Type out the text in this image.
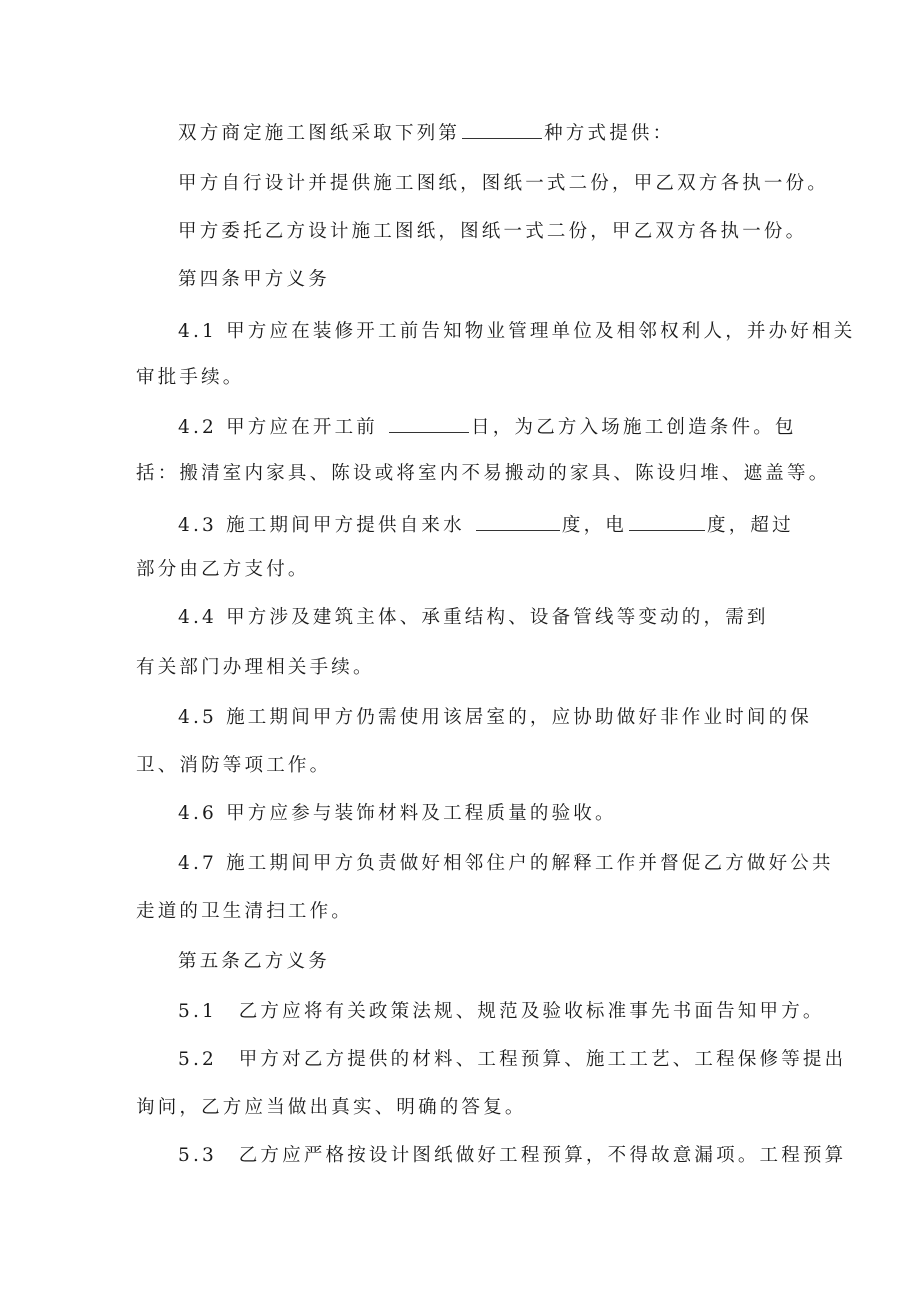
双方商定施工图纸采取下列第	种方式提供：
甲方自行设计并提供施工图纸，图纸一式二份，甲乙双方各执一份。
甲方委托乙方设计施工图纸，图纸一式二份，甲乙双方各执一份。
第四条甲方义务
4.1 甲方应在装修开工前告知物业管理单位及相邻权利人，并办好相关
审批手续。
4.2 甲方应在开工前	日，为乙方入场施工创造条件。包
括：搬清室内家具、陈设或将室内不易搬动的家具、陈设归堆、遮盖等。
4.3 施工期间甲方提供自来水	度，电	度，超过
部分由乙方支付。
4.4 甲方涉及建筑主体、承重结构、设备管线等变动的，需到
有关部门办理相关手续。
4.5 施工期间甲方仍需使用该居室的，应协助做好非作业时间的保
卫、消防等项工作。
4.6 甲方应参与装饰材料及工程质量的验收。
4.7 施工期间甲方负责做好相邻住户的解释工作并督促乙方做好公共
走道的卫生清扫工作。
第五条乙方义务
5.1　乙方应将有关政策法规、规范及验收标准事先书面告知甲方。
5.2　甲方对乙方提供的材料、工程预算、施工工艺、工程保修等提出
询问，乙方应当做出真实、明确的答复。
5.3　乙方应严格按设计图纸做好工程预算，不得故意漏项。工程预算
